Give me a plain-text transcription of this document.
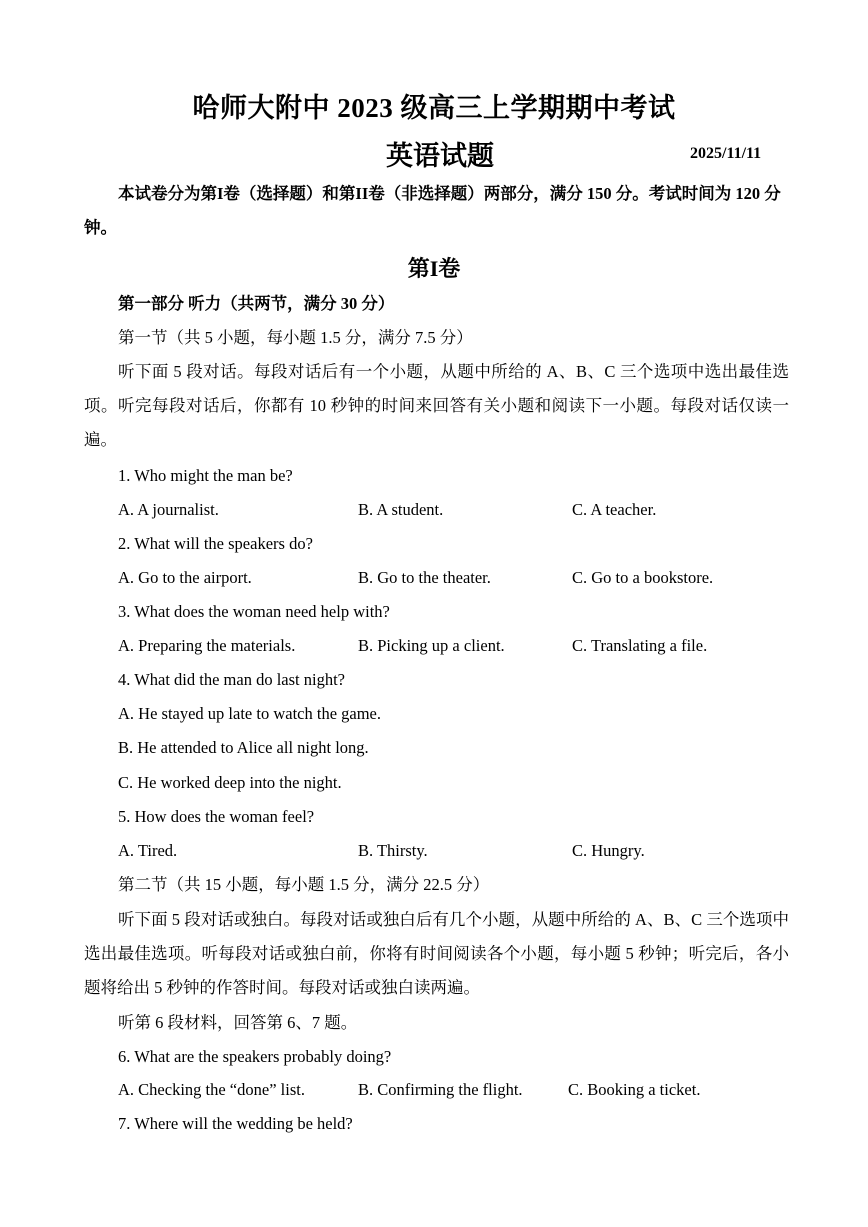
哈师大附中 2023 级高三上学期期中考试
英语试题	2025/11/11
本试卷分为第I卷（选择题）和第II卷（非选择题）两部分，满分 150 分。考试时间为 120 分钟。
第I卷
第一部分 听力（共两节，满分 30 分）
第一节（共 5 小题，每小题 1.5 分，满分 7.5 分）
听下面 5 段对话。每段对话后有一个小题，从题中所给的 A、B、C 三个选项中选出最佳选项。听完每段对话后，你都有 10 秒钟的时间来回答有关小题和阅读下一小题。每段对话仅读一遍。
1. Who might the man be?
A. A journalist.	B. A student.	C. A teacher.
2. What will the speakers do?
A. Go to the airport.	B. Go to the theater.	C. Go to a bookstore.
3. What does the woman need help with?
A. Preparing the materials.	B. Picking up a client.	C. Translating a file.
4. What did the man do last night?
A. He stayed up late to watch the game.
B. He attended to Alice all night long.
C. He worked deep into the night.
5. How does the woman feel?
A. Tired.	B. Thirsty.	C. Hungry.
第二节（共 15 小题，每小题 1.5 分，满分 22.5 分）
听下面 5 段对话或独白。每段对话或独白后有几个小题，从题中所给的 A、B、C 三个选项中选出最佳选项。听每段对话或独白前，你将有时间阅读各个小题，每小题 5 秒钟；听完后，各小题将给出 5 秒钟的作答时间。每段对话或独白读两遍。
听第 6 段材料，回答第 6、7 题。
6. What are the speakers probably doing?
A. Checking the “done” list.	B. Confirming the flight.	C. Booking a ticket.
7. Where will the wedding be held?
